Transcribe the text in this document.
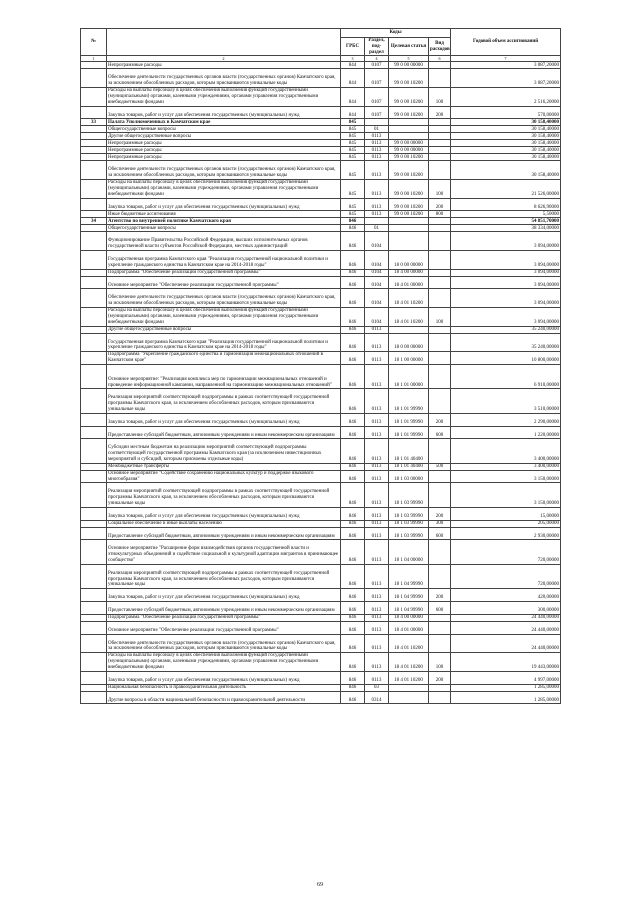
№		Коды				Годовой объем ассигнований
		ГРБС	Раздел, под-раздел	Целевая статья	Вид расходов	
1	2	3	4	5	6	7
	Непрограммные расходы	844	0107	99 0 00 00000		3 087,20000
	Обеспечение деятельности государственных органов власти (государственных органов) Камчатского края, за исключением обособленных расходов, которым присваиваются уникальные коды	844	0107	99 0 00 10200		3 087,20000
	Расходы на выплаты персоналу в целях обеспечения выполнения функций государственными (муниципальными) органами, казенными учреждениями, органами управления государственными внебюджетными фондами	844	0107	99 0 00 10200	100	2 516,20000
	Закупка товаров, работ и услуг для обеспечения государственных (муниципальных) нужд	844	0107	99 0 00 10200	200	570,00000
33	Палата Уполномоченных в Камчатском крае	845				30 158,40000
	Общегосударственные вопросы	845	01			30 158,40000
	Другие общегосударственные вопросы	845	0113			30 158,40000
	Непрограммные расходы	845	0113	99 0 00 00000		30 158,40000
	Непрограммные расходы	845	0113	99 0 00 00000		30 158,40000
	Непрограммные расходы	845	0113	99 0 00 10200		30 158,40000
	Обеспечение деятельности государственных органов власти (государственных органов) Камчатского края, за исключением обособленных расходов, которым присваиваются уникальные коды	845	0113	99 0 00 10200		30 158,40000
	Расходы на выплаты персоналу в целях обеспечения выполнения функций государственными (муниципальными) органами, казенными учреждениями, органами управления государственными внебюджетными фондами	845	0113	99 0 00 10200	100	21 526,00000
	Закупка товаров, работ и услуг для обеспечения государственных (муниципальных) нужд	845	0113	99 0 00 10200	200	8 626,90000
	Иные бюджетные ассигнования	845	0113	99 0 00 10200	800	5,50000
34	Агентство по внутренней политике Камчатского края	846				54 851,70000
	Общегосударственные вопросы	846	01			38 334,00000
	Функционирование Правительства Российской Федерации, высших исполнительных органов государственной власти субъектов Российской Федерации, местных администраций	846	0104			3 094,00000
	Государственная программа Камчатского края "Реализация государственной национальной политики и укрепление гражданского единства в Камчатском крае на 2014-2018 годы"	846	0104	18 0 00 00000		3 094,00000
	Подпрограмма "Обеспечение реализации государственной программы"	846	0104	18 4 00 00000		3 094,00000
	Основное мероприятие "Обеспечение реализации государственной программы"	846	0104	18 4 01 00000		3 094,00000
	Обеспечение деятельности государственных органов власти (государственных органов) Камчатского края, за исключением обособленных расходов, которым присваиваются уникальные коды	846	0104	18 4 01 10200		3 094,00000
	Расходы на выплаты персоналу в целях обеспечения выполнения функций государственными (муниципальными) органами, казенными учреждениями, органами управления государственными внебюджетными фондами	846	0104	18 4 01 10200	100	3 094,00000
	Другие общегосударственные вопросы	846	0113			35 240,00000
	Государственная программа Камчатского края "Реализация государственной национальной политики и укрепление гражданского единства в Камчатском крае на 2014-2018 годы"	846	0113	18 0 00 00000		35 240,00000
	Подпрограмма "Укрепление гражданского единства и гармонизация межнациональных отношений в Камчатском крае"	846	0113	18 1 00 00000		10 800,00000
	Основное мероприятие: "Реализация комплекса мер по гармонизации межнациональных отношений и проведение информационной кампании, направленной на гармонизацию межнациональных отношений"	846	0113	18 1 01 00000		6 910,00000
	Реализация мероприятий соответствующей подпрограммы в рамках соответствующей государственной программы Камчатского края, за исключением обособленных расходов, которым присваиваются уникальные коды	846	0113	18 1 01 99990		3 510,00000
	Закупка товаров, работ и услуг для обеспечения государственных (муниципальных) нужд	846	0113	18 1 01 99990	200	2 290,00000
	Предоставление субсидий бюджетным, автономным учреждениям и иным некоммерческим организациям	846	0113	18 1 01 99990	600	1 220,00000
	Субсидии местным бюджетам на реализацию мероприятий соответствующей подпрограммы соответствующей государственной программы Камчатского края (за исключением инвестиционных мероприятий и субсидий, которым присвоены отдельные коды)	846	0113	18 1 01 40400		3 400,00000
	Межбюджетные трансферты	846	0113	18 1 01 40400	500	3 400,00000
	Основное мероприятие "Содействие сохранению национальных культур и поддержке языкового многообразия"	846	0113	18 1 03 00000		3 150,00000
	Реализация мероприятий соответствующей подпрограммы в рамках соответствующей государственной программы Камчатского края, за исключением обособленных расходов, которым присваиваются уникальные коды	846	0113	18 1 03 99990		3 150,00000
	Закупка товаров, работ и услуг для обеспечения государственных (муниципальных) нужд	846	0113	18 1 03 99990	200	15,00000
	Социальное обеспечение и иные выплаты населению	846	0113	18 1 03 99990	300	205,00000
	Предоставление субсидий бюджетным, автономным учреждениям и иным некоммерческим организациям	846	0113	18 1 03 99990	600	2 930,00000
	Основное мероприятие "Расширение форм взаимодействия органов государственной власти и этнокультурных объединений и содействие социальной и культурной адаптации мигрантов в принимающее сообщество"	846	0113	18 1 04 00000		720,00000
	Реализация мероприятий соответствующей подпрограммы в рамках соответствующей государственной программы Камчатского края, за исключением обособленных расходов, которым присваиваются уникальные коды	846	0113	18 1 04 99990		720,00000
	Закупка товаров, работ и услуг для обеспечения государственных (муниципальных) нужд	846	0113	18 1 04 99990	200	420,00000
	Предоставление субсидий бюджетным, автономным учреждениям и иным некоммерческим организациям	846	0113	18 1 04 99990	600	300,00000
	Подпрограмма "Обеспечение реализации государственной программы"	846	0113	18 4 00 00000		24 440,00000
	Основное мероприятие "Обеспечение реализации государственной программы"	846	0113	18 4 01 00000		24 440,00000
	Обеспечение деятельности государственных органов власти (государственных органов) Камчатского края, за исключением обособленных расходов, которым присваиваются уникальные коды	846	0113	18 4 01 10200		24 440,00000
	Расходы на выплаты персоналу в целях обеспечения выполнения функций государственными (муниципальными) органами, казенными учреждениями, органами управления государственными внебюджетными фондами	846	0113	18 4 01 10200	100	19 443,00000
	Закупка товаров, работ и услуг для обеспечения государственных (муниципальных) нужд	846	0113	18 4 01 10200	200	4 997,00000
	Национальная безопасность и правоохранительная деятельность	846	03			1 285,00000
	Другие вопросы в области национальной безопасности и правоохранительной деятельности	846	0314			1 285,00000
69
